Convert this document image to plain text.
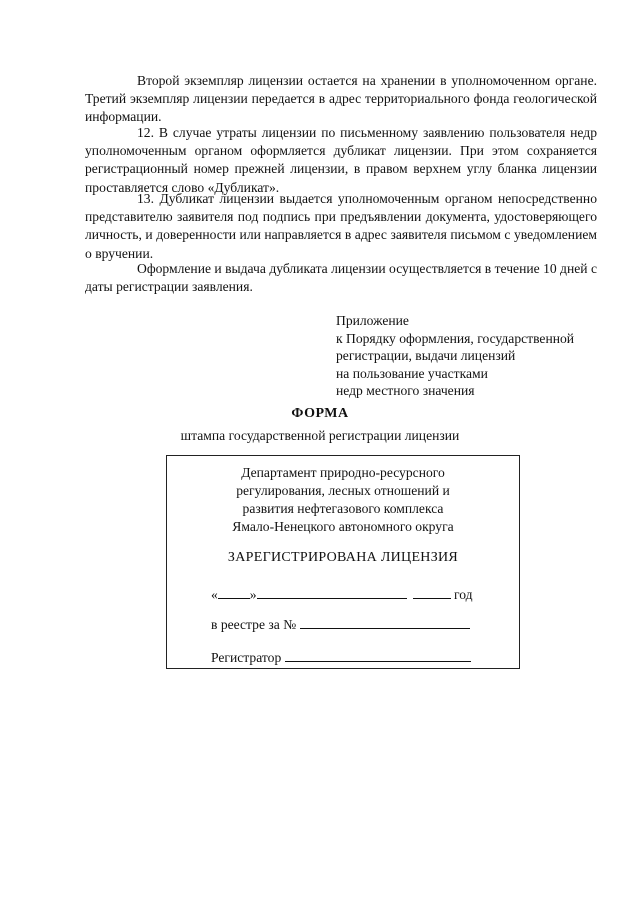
Второй экземпляр лицензии остается на хранении в уполномоченном органе. Третий экземпляр лицензии передается в адрес территориального фонда геологической информации.

12. В случае утраты лицензии по письменному заявлению пользователя недр уполномоченным органом оформляется дубликат лицензии. При этом сохраняется регистрационный номер прежней лицензии, в правом верхнем углу бланка лицензии проставляется слово «Дубликат».

13. Дубликат лицензии выдается уполномоченным органом непосредственно представителю заявителя под подпись при предъявлении документа, удостоверяющего личность, и доверенности или направляется в адрес заявителя письмом с уведомлением о вручении.

Оформление и выдача дубликата лицензии осуществляется в течение 10 дней с даты регистрации заявления.

Приложение
к Порядку оформления, государственной
регистрации, выдачи лицензий
на пользование участками
недр местного значения
ФОРМА
штампа государственной регистрации лицензии
Департамент природно-ресурсного
регулирования, лесных отношений и
развития нефтегазового комплекса
Ямало-Ненецкого автономного округа
ЗАРЕГИСТРИРОВАНА ЛИЦЕНЗИЯ
« »	год
в реестре за №
Регистратор
